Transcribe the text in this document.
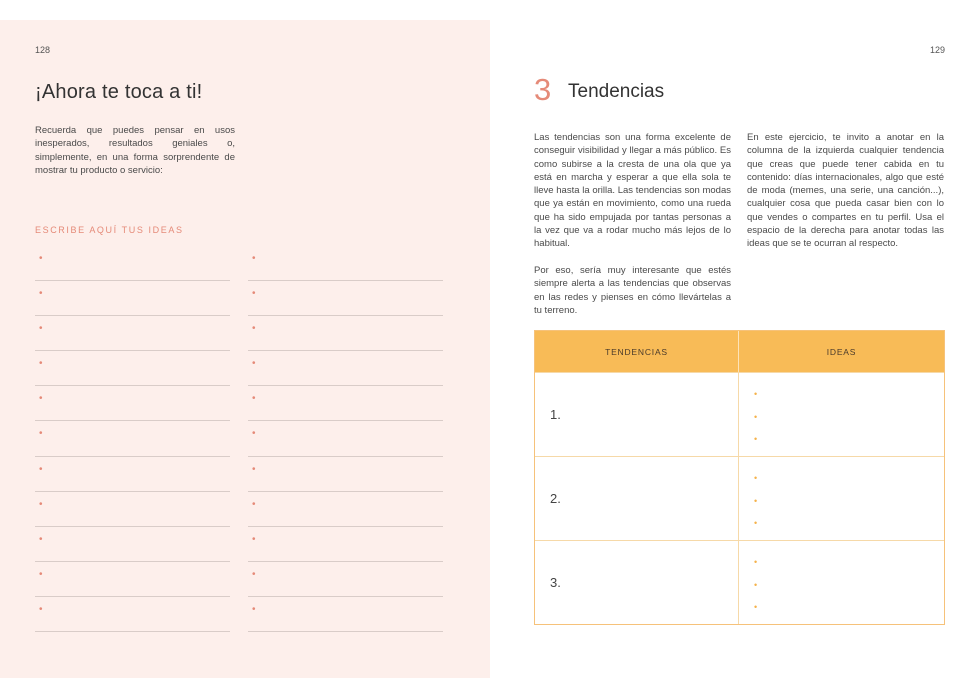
128
¡Ahora te toca a ti!
Recuerda que puedes pensar en usos inesperados, resultados geniales o, simplemente, en una forma sorprendente de mostrar tu producto o servicio:
ESCRIBE AQUÍ TUS IDEAS
•	•
•	•
•	•
•	•
•	•
•	•
•	•
•	•
•	•
•	•
•	•
129
3 Tendencias

Las tendencias son una forma excelente de conseguir visibilidad y llegar a más público. Es como subirse a la cresta de una ola que ya está en marcha y esperar a que ella sola te lleve hasta la orilla. Las tendencias son modas que ya están en movimiento, como una rueda que ha sido empujada por tantas personas a la vez que va a rodar mucho más lejos de lo habitual.

Por eso, sería muy interesante que estés siempre alerta a las tendencias que observas en las redes y pienses en cómo llevártelas a tu terreno.

En este ejercicio, te invito a anotar en la columna de la izquierda cualquier tendencia que creas que puede tener cabida en tu contenido: días internacionales, algo que esté de moda (memes, una serie, una canción...), cualquier cosa que pueda casar bien con lo que vendes o compartes en tu perfil. Usa el espacio de la derecha para anotar todas las ideas que se te ocurran al respecto.

TENDENCIAS	IDEAS
1.
•
•
•
2.
•
•
•
3.
•
•
•
